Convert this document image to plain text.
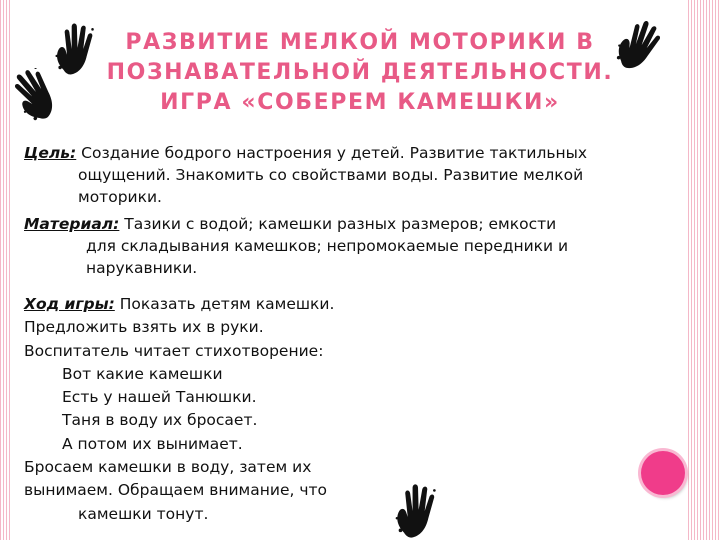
РАЗВИТИЕ МЕЛКОЙ МОТОРИКИ В
ПОЗНАВАТЕЛЬНОЙ ДЕЯТЕЛЬНОСТИ.
ИГРА «СОБЕРЕМ КАМЕШКИ»
Цель: Создание бодрого настроения у детей. Развитие тактильных
ощущений. Знакомить со свойствами воды. Развитие мелкой
моторики.
Материал: Тазики с водой; камешки разных размеров; емкости
для складывания камешков; непромокаемые передники и
нарукавники.
Ход игры: Показать детям камешки.
Предложить взять их в руки.
Воспитатель читает стихотворение:
Вот какие камешки
Есть у нашей Танюшки.
Таня в воду их бросает.
А потом их вынимает.
Бросаем камешки в воду, затем их
вынимаем. Обращаем внимание, что
камешки тонут.
